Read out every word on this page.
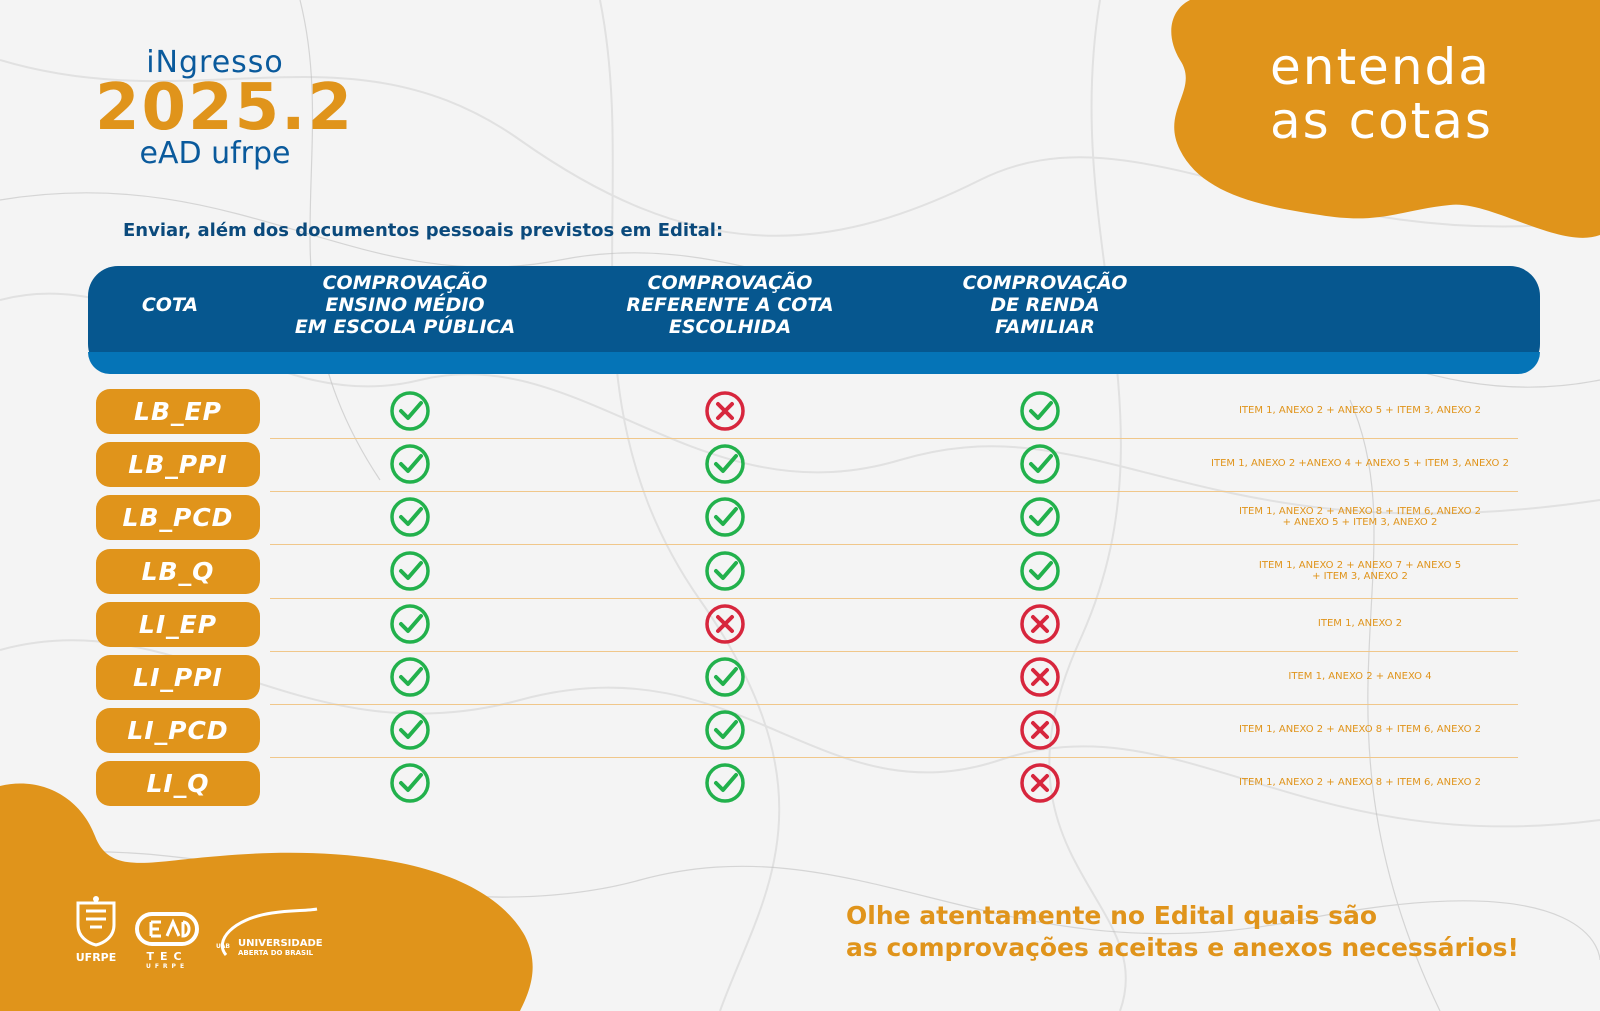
iNgresso
2025.2
eAD ufrpe
entenda
as cotas
Enviar, além dos documentos pessoais previstos em Edital:
COTA
COMPROVAÇÃO
ENSINO MÉDIO
EM ESCOLA PÚBLICA
COMPROVAÇÃO
REFERENTE A COTA
ESCOLHIDA
COMPROVAÇÃO
DE RENDA
FAMILIAR
LB_EP	ITEM 1, ANEXO 2 + ANEXO 5 + ITEM 3, ANEXO 2
LB_PPI	ITEM 1, ANEXO 2 +ANEXO 4 + ANEXO 5 + ITEM 3, ANEXO 2
LB_PCD	ITEM 1, ANEXO 2 + ANEXO 8 + ITEM 6, ANEXO 2
+ ANEXO 5 + ITEM 3, ANEXO 2
LB_Q	ITEM 1, ANEXO 2 + ANEXO 7 + ANEXO 5
+ ITEM 3, ANEXO 2
LI_EP	ITEM 1, ANEXO 2
LI_PPI	ITEM 1, ANEXO 2 + ANEXO 4
LI_PCD	ITEM 1, ANEXO 2 + ANEXO 8 + ITEM 6, ANEXO 2
LI_Q	ITEM 1, ANEXO 2 + ANEXO 8 + ITEM 6, ANEXO 2
Olhe atentamente no Edital quais são
as comprovações aceitas e anexos necessários!
UFRPE	TEC
UFRPE
UAB UNIVERSIDADE
ABERTA DO BRASIL
